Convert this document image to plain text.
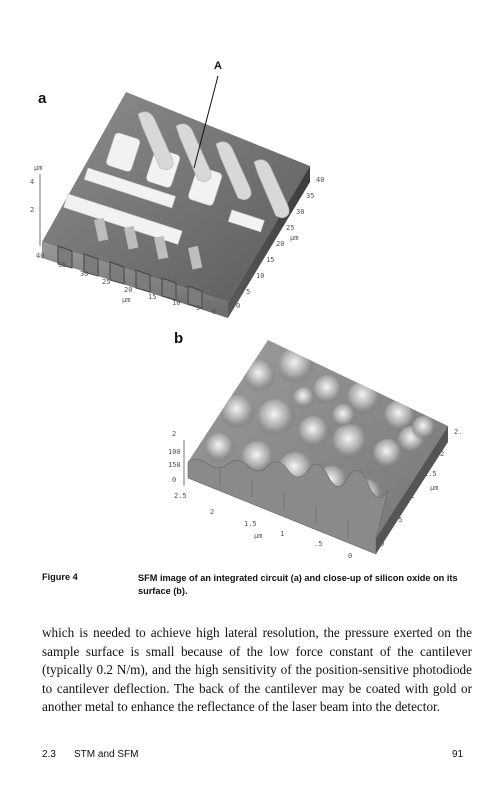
a
A
µm
4
2
40
35
30
25
20
15
10
5 0
µm
40
35
30
25
20
15
10
5
0
µm
b
2
100
150
0
2.5
2
1.5
1
.5
0
µm
2.
2
1.5
1
.5
0
µm
Figure 4	SFM image of an integrated circuit (a) and close-up of silicon oxide on its surface (b).
which is needed to achieve high lateral resolution, the pressure exerted on the sample surface is small because of the low force constant of the cantilever (typically 0.2 N/m), and the high sensitivity of the position-sensitive photodiode to cantilever deflection. The back of the cantilever may be coated with gold or another metal to enhance the reflectance of the laser beam into the detector.
2.3 STM and SFM	91
